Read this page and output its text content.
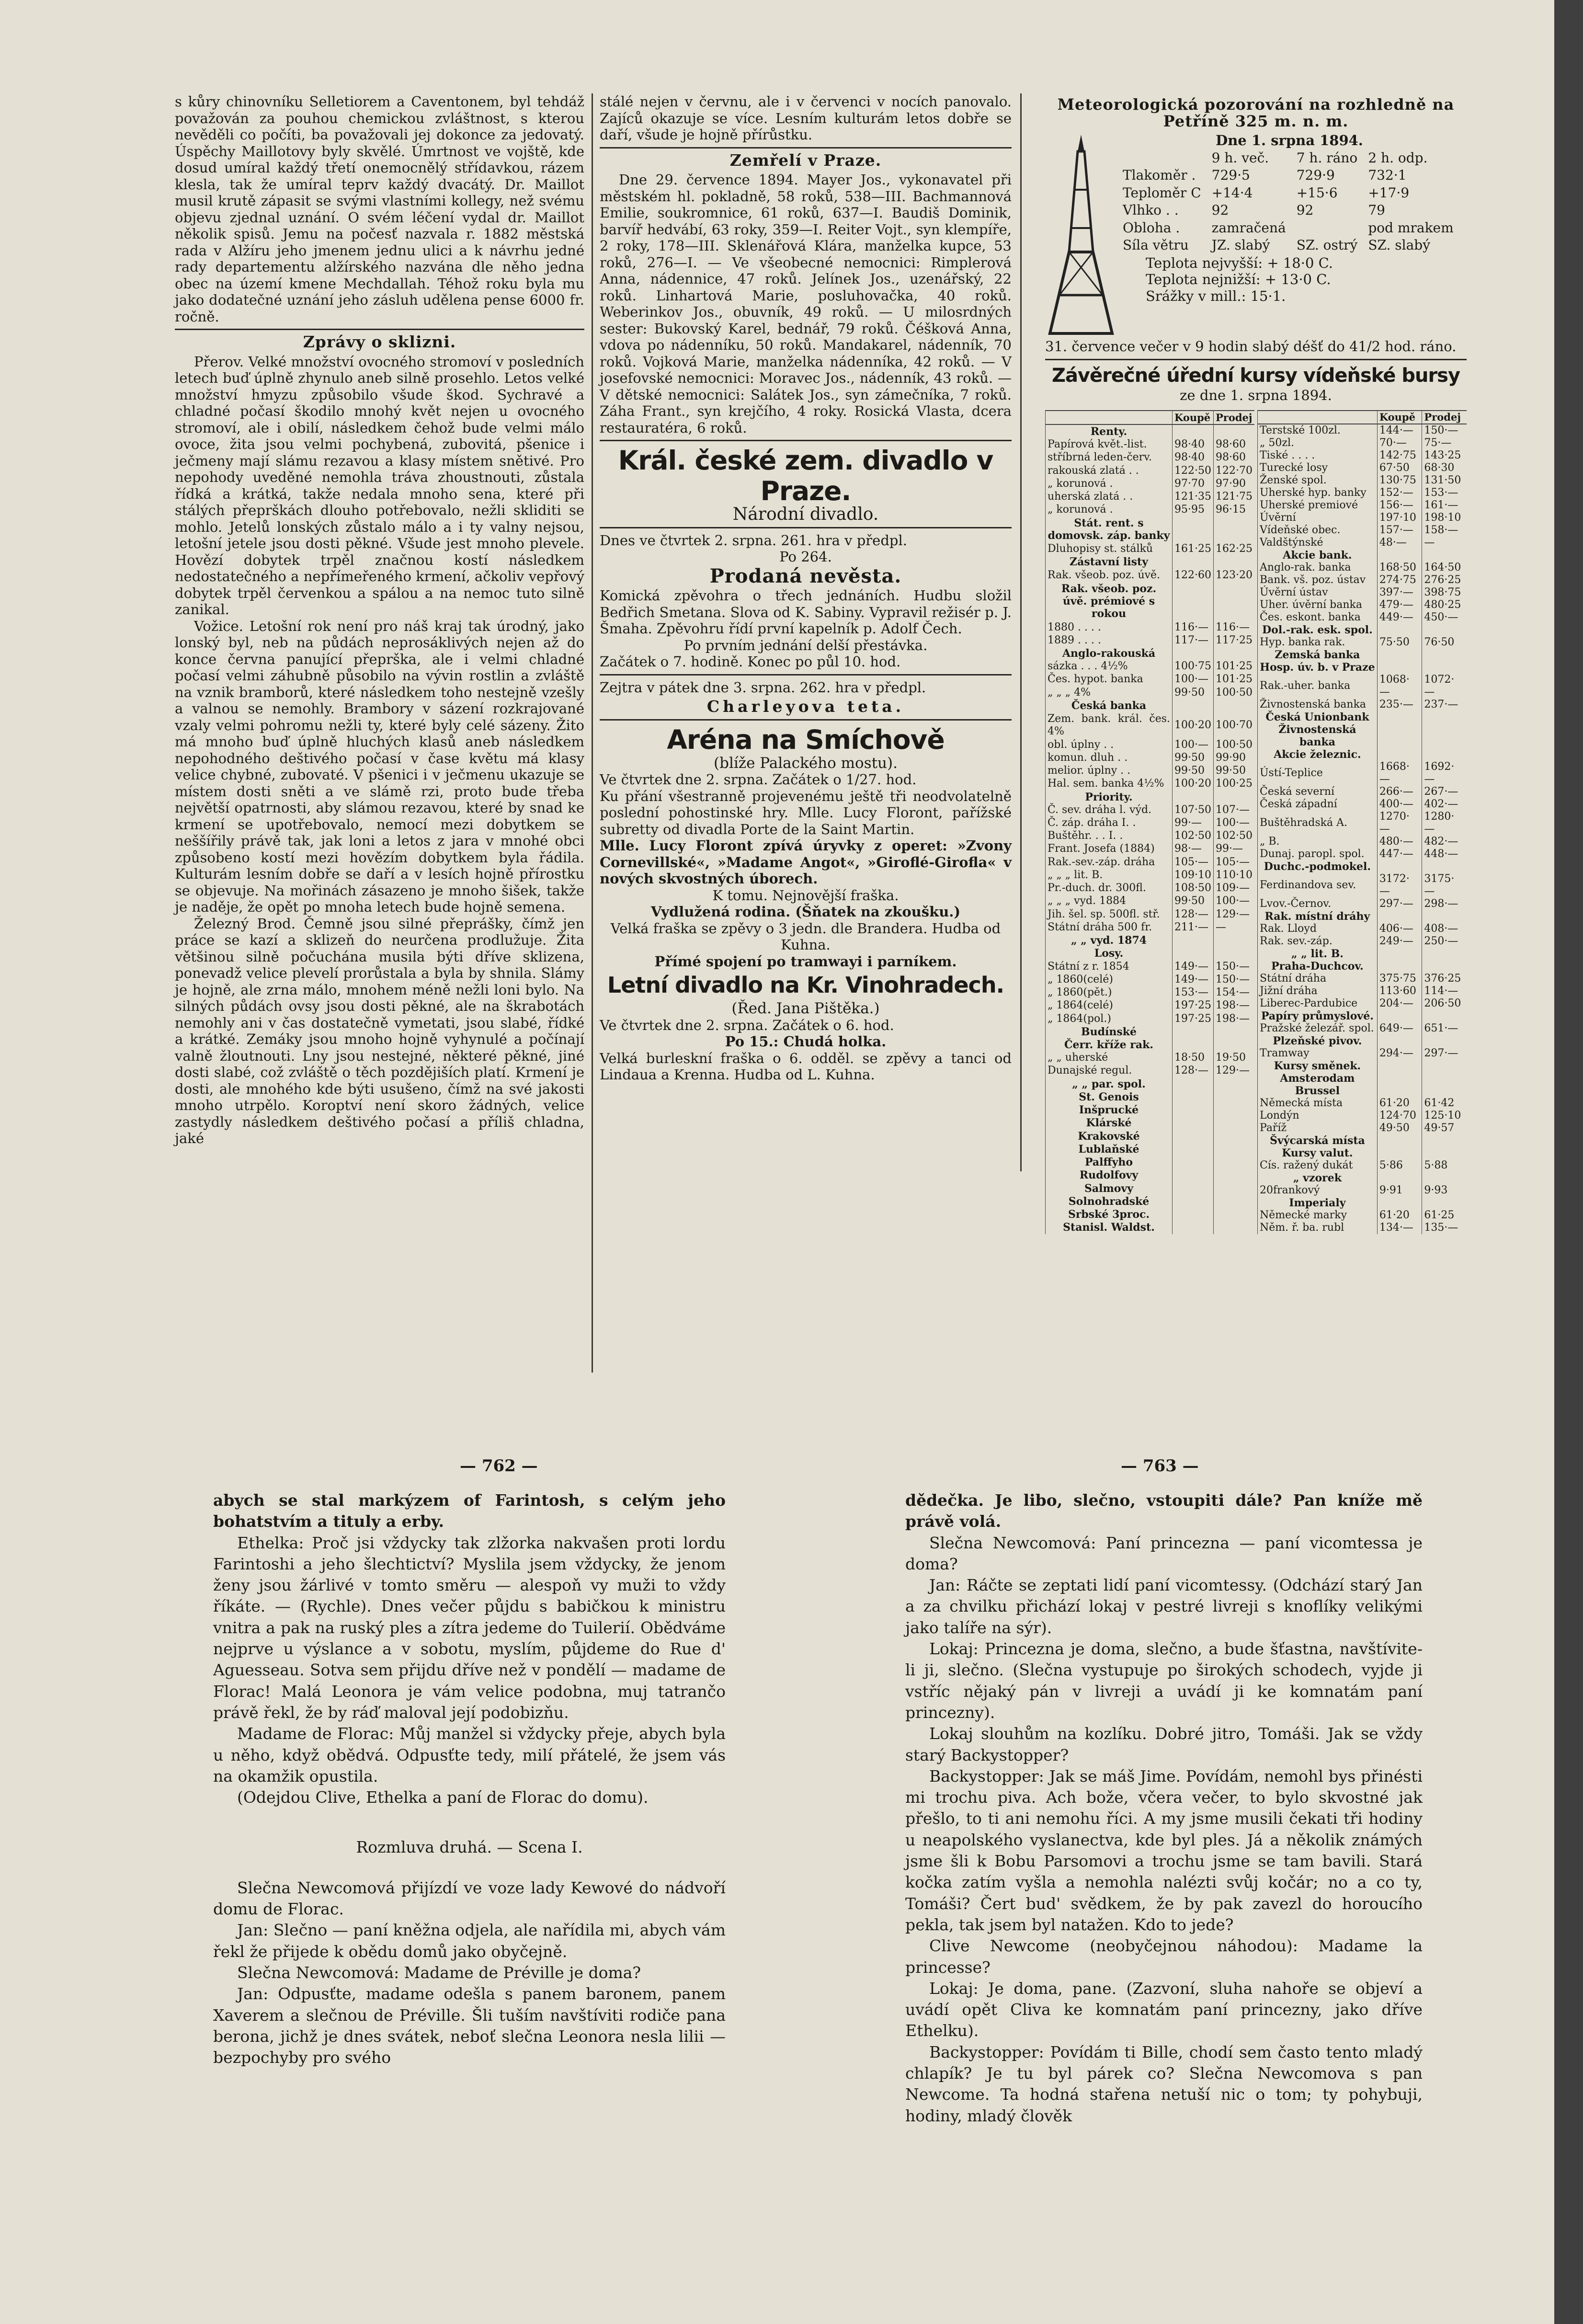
s kůry chinovníku Selletiorem a Caventonem, byl tehdáž považován za pouhou chemickou zvláštnost, s kterou nevěděli co počíti, ba považovali jej dokonce za jedovatý. Úspěchy Maillotovy byly skvělé. Úmrtnost ve vojště, kde dosud umíral každý třetí onemocnělý střídavkou, rázem klesla, tak že umíral teprv každý dvacátý. Dr. Maillot musil krutě zápasit se svými vlastními kollegy, než svému objevu zjednal uznání. O svém léčení vydal dr. Maillot několik spisů. Jemu na počesť nazvala r. 1882 městská rada v Alžíru jeho jmenem jednu ulici a k návrhu jedné rady departementu alžírského nazvána dle něho jedna obec na území kmene Mechdallah. Téhož roku byla mu jako dodatečné uznání jeho zásluh udělena pense 6000 fr. ročně.

Zprávy o sklizni.

Přerov. Velké množství ovocného stromoví v posledních letech buď úplně zhynulo aneb silně prosehlo. Letos velké množství hmyzu způsobilo všude škod. Sychravé a chladné počasí škodilo mnohý květ nejen u ovocného stromoví, ale i obilí, následkem čehož bude velmi málo ovoce, žita jsou velmi pochybená, zubovitá, pšenice i ječmeny mají slámu rezavou a klasy místem snětivé. Pro nepohody uveděné nemohla tráva zhoustnouti, zůstala řídká a krátká, takže nedala mnoho sena, které při stálých přeprškách dlouho potřebovalo, nežli skliditi se mohlo. Jetelů lonských zůstalo málo a i ty valny nejsou, letošní jetele jsou dosti pěkné. Všude jest mnoho plevele. Hovězí dobytek trpěl značnou kostí následkem nedostatečného a nepřímeřeného krmení, ačkoliv vepřový dobytek trpěl červenkou a spálou a na nemoc tuto silně zanikal.

Vožice. Letošní rok není pro náš kraj tak úrodný, jako lonský byl, neb na půdách neprosáklivých nejen až do konce června panující přeprška, ale i velmi chladné počasí velmi záhubně působilo na vývin rostlin a zvláště na vznik bramborů, které následkem toho nestejně vzešly a valnou se nemohly. Brambory v sázení rozkrajované vzaly velmi pohromu nežli ty, které byly celé sázeny. Žito má mnoho buď úplně hluchých klasů aneb následkem nepohodného deštivého počasí v čase květu má klasy velice chybné, zubovaté. V pšenici i v ječmenu ukazuje se místem dosti sněti a ve slámě rzi, proto bude třeba největší opatrnosti, aby slámou rezavou, které by snad ke krmení se upotřebovalo, nemocí mezi dobytkem se neššířily právě tak, jak loni a letos z jara v mnohé obci způsobeno kostí mezi hovězím dobytkem byla řádila. Kulturám lesním dobře se daří a v lesích hojně přírostku se objevuje. Na mořinách zásazeno je mnoho šišek, takže je naděje, že opět po mnoha letech bude hojně semena.

Železný Brod. Čemně jsou silné přeprášky, čímž jen práce se kazí a sklizeň do neurčena prodlužuje. Žita většinou silně počuchána musila býti dříve sklizena, ponevadž velice plevelí prorůstala a byla by shnila. Slámy je hojně, ale zrna málo, mnohem méně nežli loni bylo. Na silných půdách ovsy jsou dosti pěkné, ale na škrabotách nemohly ani v čas dostatečně vymetati, jsou slabé, řídké a krátké. Zemáky jsou mnoho hojně vyhynulé a počínají valně žloutnouti. Lny jsou nestejné, některé pěkné, jiné dosti slabé, což zvláště o těch pozdějiších platí. Krmení je dosti, ale mnohého kde býti usušeno, čímž na své jakosti mnoho utrpělo. Koroptví není skoro žádných, velice zastydly následkem deštivého počasí a příliš chladna, jaké

stálé nejen v červnu, ale i v červenci v nocích panovalo. Zajíců okazuje se více. Lesním kulturám letos dobře se daří, všude je hojně přírůstku.

Zemřelí v Praze.

Dne 29. července 1894. Mayer Jos., vykonavatel při městském hl. pokladně, 58 roků, 538—III. Bachmannová Emilie, soukromnice, 61 roků, 637—I. Baudiš Dominik, barvíř hedvábí, 63 roky, 359—I. Reiter Vojt., syn klempíře, 2 roky, 178—III. Sklenářová Klára, manželka kupce, 53 roků, 276—I. — Ve všeobecné nemocnici: Rimplerová Anna, nádennice, 47 roků. Jelínek Jos., uzenářský, 22 roků. Linhartová Marie, posluhovačka, 40 roků. Weberinkov Jos., obuvník, 49 roků. — U milosrdných sester: Bukovský Karel, bednář, 79 roků. Čéšková Anna, vdova po nádenníku, 50 roků. Mandakarel, nádenník, 70 roků. Vojková Marie, manželka nádenníka, 42 roků. — V josefovské nemocnici: Moravec Jos., nádenník, 43 roků. — V dětské nemocnici: Salátek Jos., syn zámečníka, 7 roků. Záha Frant., syn krejčího, 4 roky. Rosická Vlasta, dcera restauratéra, 6 roků.

Král. české zem. divadlo v Praze.
Národní divadlo.

Dnes ve čtvrtek 2. srpna. 261. hra v předpl.

Po 264.

Prodaná nevěsta.

Komická zpěvohra o třech jednáních. Hudbu složil Bedřich Smetana. Slova od K. Sabiny. Vypravil režisér p. J. Šmaha. Zpěvohru řídí první kapelník p. Adolf Čech.

Po prvním jednání delší přestávka.

Začátek o 7. hodině. Konec po půl 10. hod.

Zejtra v pátek dne 3. srpna. 262. hra v předpl.

Charleyova teta.
Aréna na Smíchově
(blíže Palackého mostu).

Ve čtvrtek dne 2. srpna. Začátek o 1/27. hod.

Ku přání všestranně projevenému ještě tři neodvolatelně poslední pohostinské hry. Mlle. Lucy Floront, pařížské subretty od divadla Porte de la Saint Martin.

Mlle. Lucy Floront zpívá úryvky z operet: »Zvony Cornevillské«, »Madame Angot«, »Giroflé-Girofla« v nových skvostných úborech.

K tomu. Nejnovější fraška.

Vydlužená rodina. (Šňatek na zkoušku.)

Velká fraška se zpěvy o 3 jedn. dle Brandera. Hudba od Kuhna.

Přímé spojení po tramwayi i parníkem.

Letní divadlo na Kr. Vinohradech.
(Řed. Jana Pištěka.)

Ve čtvrtek dne 2. srpna. Začátek o 6. hod.

Po 15.: Chudá holka.

Velká burleskní fraška o 6. odděl. se zpěvy a tanci od Lindaua a Krenna. Hudba od L. Kuhna.

Meteorologická pozorování na rozhledně na Petříně 325 m. n. m.
Dne 1. srpna 1894.
	9 h. več.	7 h. ráno	2 h. odp.
Tlakoměr .	729·5	729·9	732·1
Teploměr C	+14·4	+15·6	+17·9
Vlhko . .	92	92	79
Obloha .	zamračená		pod mrakem
Síla větru	JZ. slabý	SZ. ostrý	SZ. slabý
Teplota nejvyšší: + 18·0 C.
Teplota nejnižší: + 13·0 C.
Srážky v mill.: 15·1.

31. července večer v 9 hodin slabý déšť do 41/2 hod. ráno.

Závěrečné úřední kursy vídeňské bursy
ze dne 1. srpna 1894.
	Koupě	Prodej
Renty.		
Papírová květ.-list.	98·40	98·60
stříbrná leden-červ.	98·40	98·60
rakouská zlatá . .	122·50	122·70
„ korunová .	97·70	97·90
uherská zlatá . .	121·35	121·75
„ korunová .	95·95	96·15
Stát. rent. s domovsk. záp. banky		
Dluhopisy st. stálků	161·25	162·25
Zástavní listy		
Rak. všeob. poz. úvě.	122·60	123·20
Rak. všeob. poz. úvě. prémiové s rokou		
1880 . . . .	116·—	116·—
1889 . . . .	117·—	117·25
Anglo-rakouská		
sázka . . . 4½%	100·75	101·25
Čes. hypot. banka	100·—	101·25
„ „ „ 4%	99·50	100·50
Česká banka		
Zem. bank. král. čes. 4%	100·20	100·70
obl. úplny . .	100·—	100·50
komun. dluh . .	99·50	99·90
melior. úplny . .	99·50	99·50
Hal. sem. banka 4½%	100·20	100·25
Priority.		
Č. sev. dráha l. výd.	107·50	107·—
Č. záp. dráha I. .	99·—	100·—
Buštěhr. . . I. .	102·50	102·50
Frant. Josefa (1884)	98·—	99·—
Rak.-sev.-záp. dráha	105·—	105·—
„ „ „ lit. B.	109·10	110·10
Pr.-duch. dr. 300fl.	108·50	109·—
„ „ „ vyd. 1884	99·50	100·—
Jih. šel. sp. 500fl. stř.	128·—	129·—
Státní dráha 500 fr.	211·—	—
„ „ vyd. 1874		
Losy.		
Státní z r. 1854	149·—	150·—
„ 1860(celé)	149·—	150·—
„ 1860(pět.)	153·—	154·—
„ 1864(celé)	197·25	198·—
„ 1864(pol.)	197·25	198·—
Budínské		
Čerr. kříže rak.		
„ „ uherské	18·50	19·50
Dunajské regul.	128·—	129·—
„ „ par. spol.		
St. Genois		
Inšprucké		
Klárské		
Krakovské		
Lublaňské		
Palffyho		
Rudolfovy		
Salmovy		
Solnohradské		
Srbské 3proc.		
Stanisl. Waldst.		
	Koupě	Prodej
Terstské 100zl.	144·—	150·—
„ 50zl.	70·—	75·—
Tiské . . . .	142·75	143·25
Turecké losy	67·50	68·30
Ženské spol.	130·75	131·50
Uherské hyp. banky	152·—	153·—
Uherské premiové	156·—	161·—
Úvěrní	197·10	198·10
Vídeňské obec.	157·—	158·—
Valdštýnské	48·—	—
Akcie bank.		
Anglo-rak. banka	168·50	164·50
Bank. vš. poz. ústav	274·75	276·25
Úvěrní ústav	397·—	398·75
Uher. úvěrní banka	479·—	480·25
Čes. eskont. banka	449·—	450·—
Dol.-rak. esk. spol.		
Hyp. banka rak.	75·50	76·50
Zemská banka		
Hosp. úv. b. v Praze		
Rak.-uher. banka	1068·—	1072·—
Živnostenská banka	235·—	237·—
Česká Unionbank		
Živnostenská banka		
Akcie železnic.		
Ústí-Teplice	1668·—	1692·—
Česká severní	266·—	267·—
Česká západní	400·—	402·—
Buštěhradská A.	1270·—	1280·—
„ B.	480·—	482·—
Dunaj. paropl. spol.	447·—	448·—
Duchc.-podmokel.		
Ferdinandova sev.	3172·—	3175·—
Lvov.-Černov.	297·—	298·—
Rak. místní dráhy		
Rak. Lloyd	406·—	408·—
Rak. sev.-záp.	249·—	250·—
„ „ lit. B.		
Praha-Duchcov.		
Státní dráha	375·75	376·25
Jižní dráha	113·60	114·—
Liberec-Pardubice	204·—	206·50
Papíry průmyslové.		
Pražské železář. spol.	649·—	651·—
Plzeňské pivov.		
Tramway	294·—	297·—
Kursy směnek.		
Amsterodam		
Brussel		
Německá místa	61·20	61·42
Londýn	124·70	125·10
Paříž	49·50	49·57
Švýcarská místa		
Kursy valut.		
Cís. ražený dukát	5·86	5·88
„ vzorek		
20frankový	9·91	9·93
Imperialy		
Německé marky	61·20	61·25
Něm. ř. ba. rubl	134·—	135·—
— 762 —	— 763 —

abych se stal markýzem of Farintosh, s celým jeho bohatstvím a tituly a erby.

Ethelka: Proč jsi vždycky tak zlžorka nakvašen proti lordu Farintoshi a jeho šlechtictví? Myslila jsem vždycky, že jenom ženy jsou žárlivé v tomto směru — alespoň vy muži to vždy říkáte. — (Rychle). Dnes večer půjdu s babičkou k ministru vnitra a pak na ruský ples a zítra jedeme do Tuilerií. Obědváme nejprve u výslance a v sobotu, myslím, půjdeme do Rue d' Aguesseau. Sotva sem přijdu dříve než v pondělí — madame de Florac! Malá Leonora je vám velice podobna, muj tatrančo právě řekl, že by ráď maloval její podobizňu.

Madame de Florac: Můj manžel si vždycky přeje, abych byla u něho, když obědvá. Odpusťte tedy, milí přátelé, že jsem vás na okamžik opustila.

(Odejdou Clive, Ethelka a paní de Florac do domu).

Rozmluva druhá. — Scena I.

Slečna Newcomová přijízdí ve voze lady Kewové do nádvoří domu de Florac.

Jan: Slečno — paní kněžna odjela, ale nařídila mi, abych vám řekl že přijede k obědu domů jako obyčejně.

Slečna Newcomová: Madame de Préville je doma?

Jan: Odpusťte, madame odešla s panem baronem, panem Xaverem a slečnou de Préville. Šli tuším navštíviti rodiče pana berona, jichž je dnes svátek, neboť slečna Leonora nesla lilii — bezpochyby pro svého

dědečka. Je libo, slečno, vstoupiti dále? Pan kníže mě právě volá.

Slečna Newcomová: Paní princezna — paní vicomtessa je doma?

Jan: Ráčte se zeptati lidí paní vicomtessy. (Odchází starý Jan a za chvilku přichází lokaj v pestré livreji s knoflíky velikými jako talíře na sýr).

Lokaj: Princezna je doma, slečno, a bude šťastna, navštívite-li ji, slečno. (Slečna vystupuje po širokých schodech, vyjde ji vstříc nějaký pán v livreji a uvádí ji ke komnatám paní princezny).

Lokaj slouhům na kozlíku. Dobré jitro, Tomáši. Jak se vždy starý Backystopper?

Backystopper: Jak se máš Jime. Povídám, nemohl bys přinésti mi trochu piva. Ach bože, včera večer, to bylo skvostné jak přešlo, to ti ani nemohu říci. A my jsme musili čekati tři hodiny u neapolského vyslanectva, kde byl ples. Já a několik známých jsme šli k Bobu Parsomovi a trochu jsme se tam bavili. Stará kočka zatím vyšla a nemohla nalézti svůj kočár; no a co ty, Tomáši? Čert bud' svědkem, že by pak zavezl do horoucího pekla, tak jsem byl natažen. Kdo to jede?

Clive Newcome (neobyčejnou náhodou): Madame la princesse?

Lokaj: Je doma, pane. (Zazvoní, sluha nahoře se objeví a uvádí opět Cliva ke komnatám paní princezny, jako dříve Ethelku).

Backystopper: Povídám ti Bille, chodí sem často tento mladý chlapík? Je tu byl párek co? Slečna Newcomova s pan Newcome. Ta hodná stařena netuší nic o tom; ty pohybuji, hodiny, mladý člověk
